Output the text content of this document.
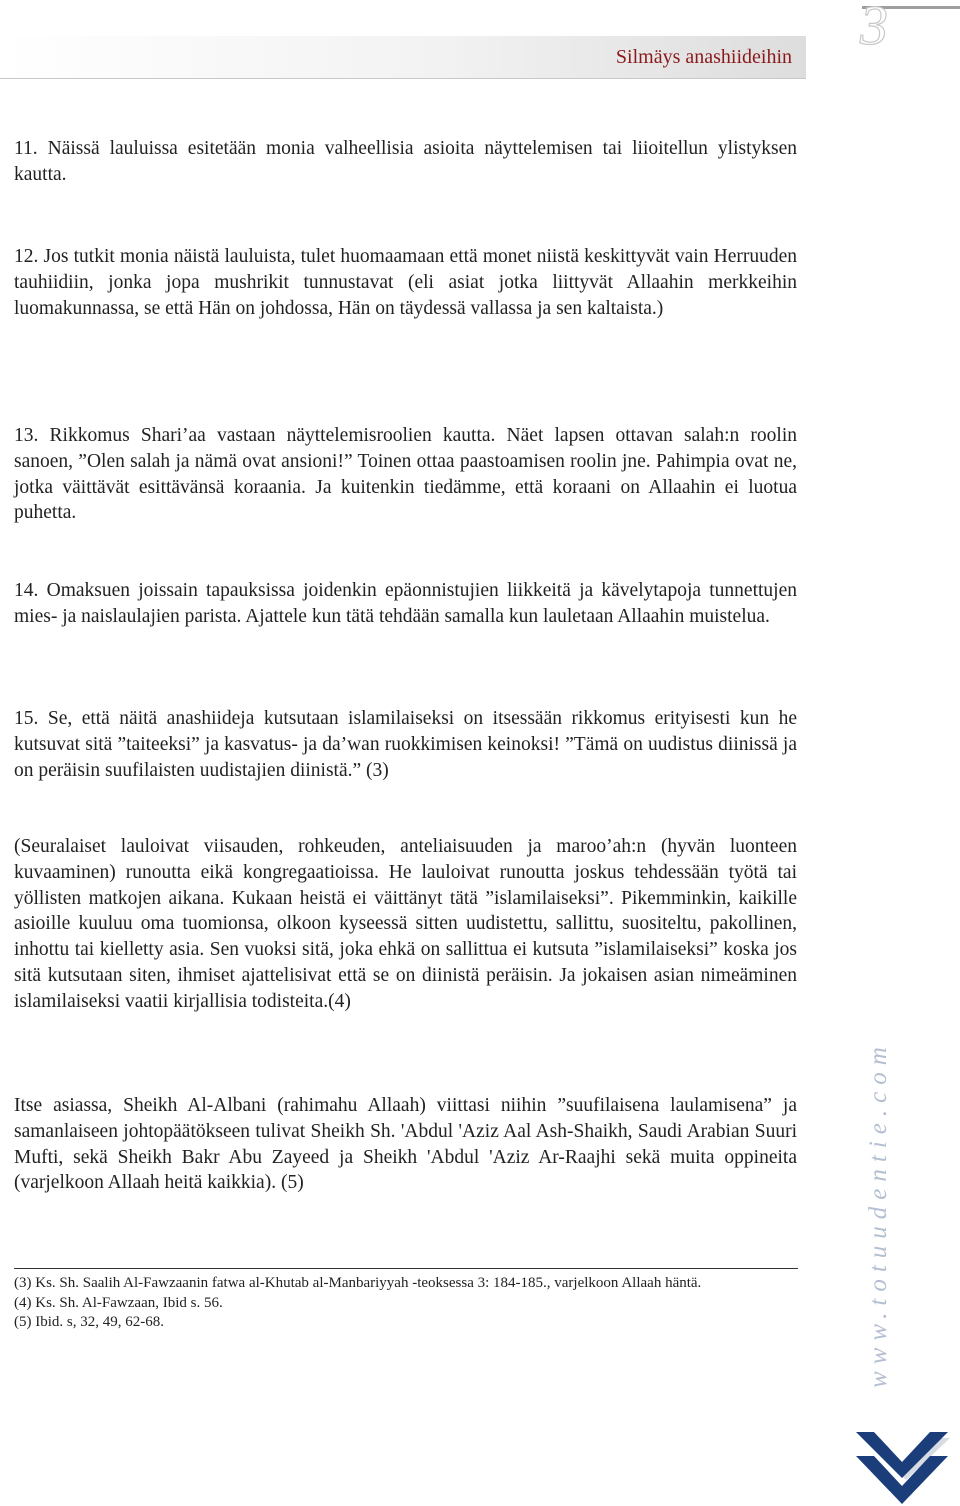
3
Silmäys anashiideihin

11. Näissä lauluissa esitetään monia valheellisia asioita näyttelemisen tai liioitellun ylistyksen kautta.

12. Jos tutkit monia näistä lauluista, tulet huomaamaan että monet niistä keskittyvät vain Herruuden tauhiidiin, jonka jopa mushrikit tunnustavat (eli asiat jotka liittyvät Allaahin merkkeihin luomakunnassa, se että Hän on johdossa, Hän on täydessä vallassa ja sen kaltaista.)

13. Rikkomus Shari’aa vastaan näyttelemisroolien kautta. Näet lapsen ottavan salah:n roolin sanoen, ”Olen salah ja nämä ovat ansioni!” Toinen ottaa paastoamisen roolin jne. Pahimpia ovat ne, jotka väittävät esittävänsä koraania. Ja kuitenkin tiedämme, että koraani on Allaahin ei luotua puhetta.

14. Omaksuen joissain tapauksissa joidenkin epäonnistujien liikkeitä ja kävelytapoja tunnettujen mies- ja naislaulajien parista. Ajattele kun tätä tehdään samalla kun lauletaan Allaahin muistelua.

15. Se, että näitä anashiideja kutsutaan islamilaiseksi on itsessään rikkomus erityisesti kun he kutsuvat sitä ”taiteeksi” ja kasvatus- ja da’wan ruokkimisen keinoksi! ”Tämä on uudistus diinissä ja on peräisin suufilaisten uudistajien diinistä.” (3)

(Seuralaiset lauloivat viisauden, rohkeuden, anteliaisuuden ja maroo’ah:n (hyvän luonteen kuvaaminen) runoutta eikä kongregaatioissa. He lauloivat runoutta joskus tehdessään työtä tai yöllisten matkojen aikana. Kukaan heistä ei väittänyt tätä ”islamilaiseksi”. Pikemminkin, kaikille asioille kuuluu oma tuomionsa, olkoon kyseessä sitten uudistettu, sallittu, suositeltu, pakollinen, inhottu tai kielletty asia. Sen vuoksi sitä, joka ehkä on sallittua ei kutsuta ”islamilaiseksi” koska jos sitä kutsutaan siten, ihmiset ajattelisivat että se on diinistä peräisin. Ja jokaisen asian nimeäminen islamilaiseksi vaatii kirjallisia todisteita.(4)

Itse asiassa, Sheikh Al-Albani (rahimahu Allaah) viittasi niihin ”suufilaisena laulamisena” ja samanlaiseen johtopäätökseen tulivat Sheikh Sh. 'Abdul 'Aziz Aal Ash-Shaikh, Saudi Arabian Suuri Mufti, sekä Sheikh Bakr Abu Zayeed ja Sheikh 'Abdul 'Aziz Ar-Raajhi sekä muita oppineita (varjelkoon Allaah heitä kaikkia). (5)

(3) Ks. Sh. Saalih Al-Fawzaanin fatwa al-Khutab al-Manbariyyah -teoksessa 3: 184-185., varjelkoon Allaah häntä.

(4) Ks. Sh. Al-Fawzaan, Ibid s. 56.

(5) Ibid. s, 32, 49, 62-68.	www.totuudentie.com
